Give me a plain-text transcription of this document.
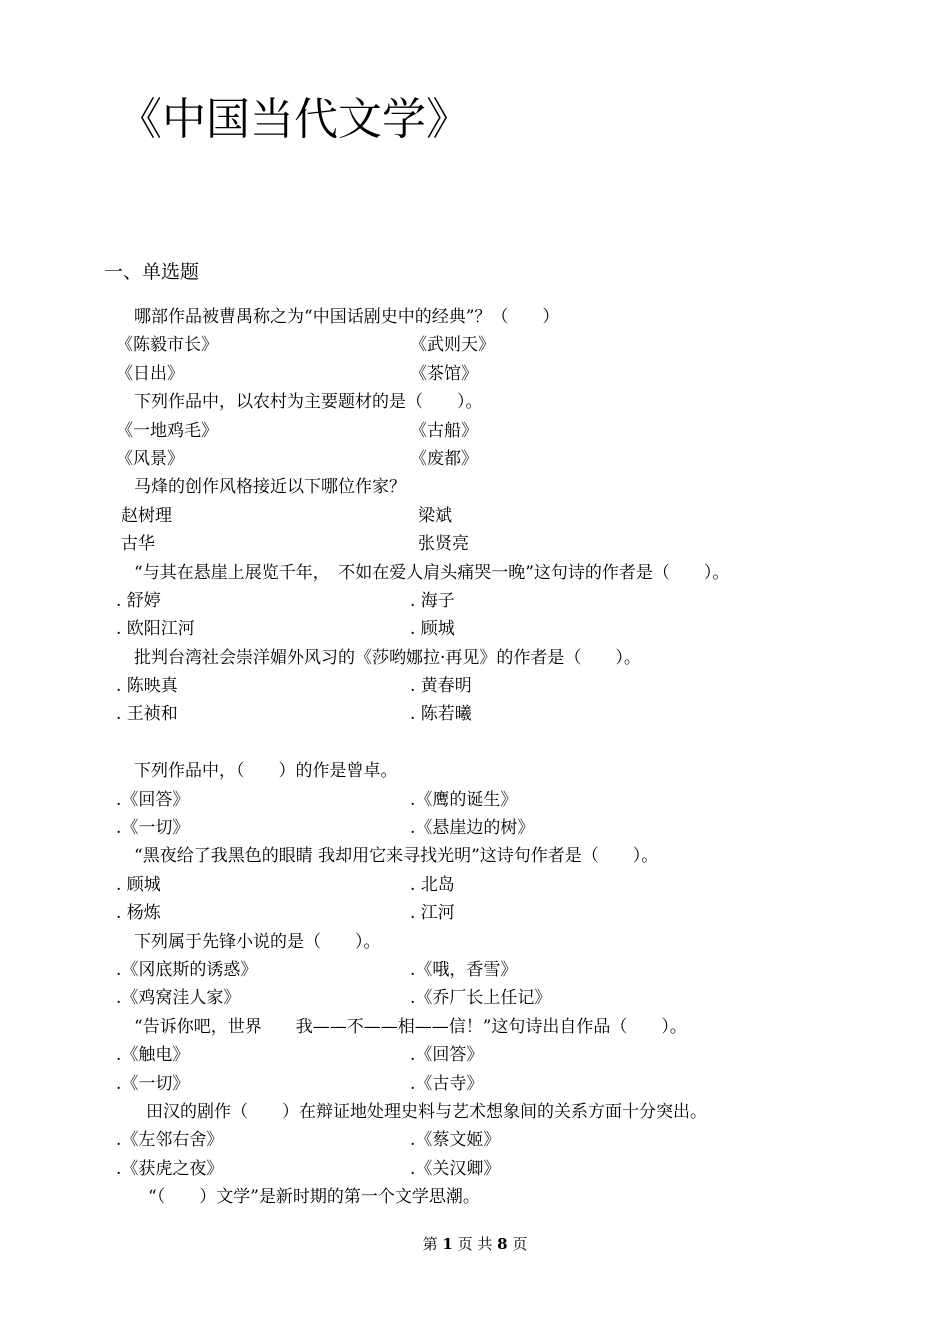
《中国当代文学》
一、单选题
哪部作品被曹禺称之为“中国话剧史中的经典”？（　　）
《陈毅市长》	《武则天》
《日出》	《茶馆》
下列作品中，以农村为主要题材的是（　　）。
《一地鸡毛》	《古船》
《风景》	《废都》
马烽的创作风格接近以下哪位作家？
赵树理	梁斌
古华	张贤亮
“与其在悬崖上展览千年，　不如在爱人肩头痛哭一晚”这句诗的作者是（　　）。
. 舒婷	. 海子
. 欧阳江河	. 顾城
批判台湾社会崇洋媚外风习的《莎哟娜拉·再见》的作者是（　　）。
. 陈映真	. 黄春明
. 王祯和	. 陈若曦
下列作品中，（　　）的作是曾卓。
.《回答》	.《鹰的诞生》
.《一切》	.《悬崖边的树》
“黑夜给了我黑色的眼睛 我却用它来寻找光明”这诗句作者是（　　）。
. 顾城	. 北岛
. 杨炼	. 江河
下列属于先锋小说的是（　　）。
.《冈底斯的诱惑》	.《哦，香雪》
.《鸡窝洼人家》	.《乔厂长上任记》
“告诉你吧，世界　　我——不——相——信！”这句诗出自作品（　　）。
.《触电》	.《回答》
.《一切》	.《古寺》
田汉的剧作（　　）在辩证地处理史料与艺术想象间的关系方面十分突出。
.《左邻右舍》	.《蔡文姬》
.《获虎之夜》	.《关汉卿》
“（　　）文学”是新时期的第一个文学思潮。
第 1 页 共 8 页
